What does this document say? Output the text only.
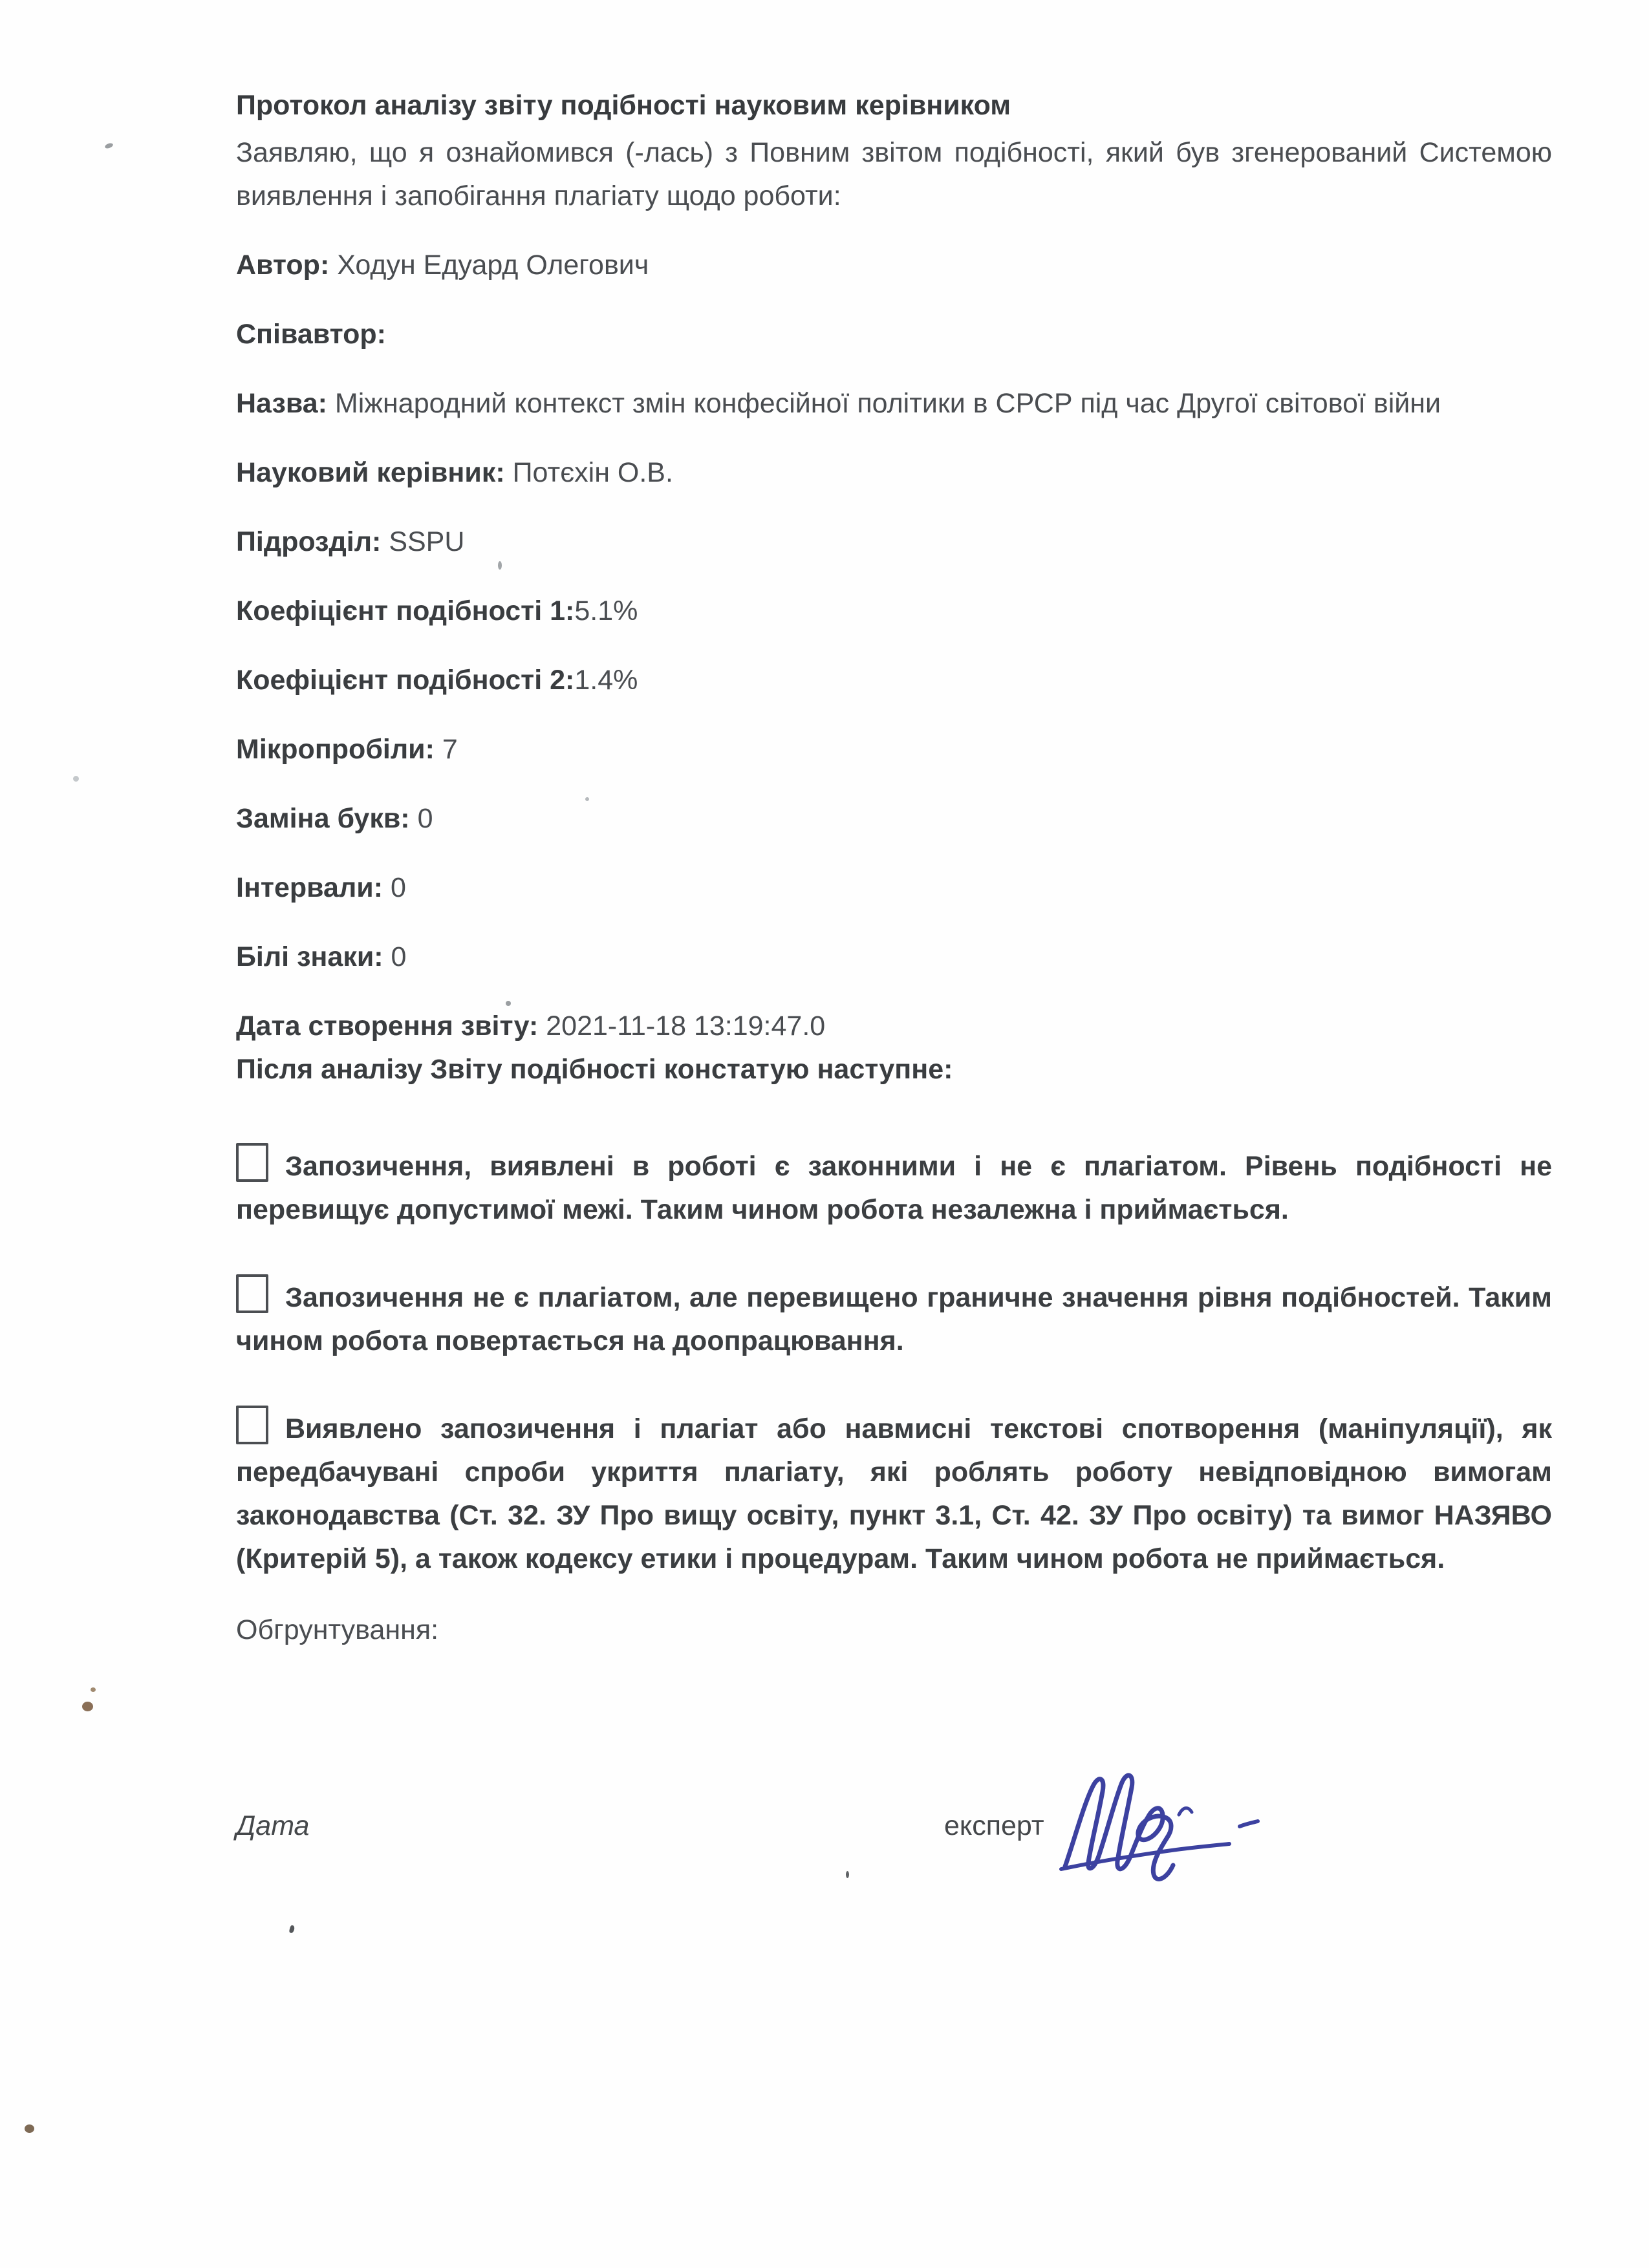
Протокол аналізу звіту подібності науковим керівником

Заявляю, що я ознайомився (-лась) з Повним звітом подібності, який був згенерований Системою виявлення і запобігання плагіату щодо роботи:

Автор: Ходун Едуард Олегович
Співавтор:
Назва: Міжнародний контекст змін конфесійної політики в СРСР під час Другої світової війни
Науковий керівник: Потєхін О.В.
Підрозділ: SSPU
Коефіцієнт подібності 1:5.1%
Коефіцієнт подібності 2:1.4%
Мікропробіли: 7
Заміна букв: 0
Інтервали: 0
Білі знаки: 0
Дата створення звіту: 2021-11-18 13:19:47.0
Після аналізу Звіту подібності констатую наступне:

Запозичення, виявлені в роботі є законними і не є плагіатом. Рівень подібності не перевищує допустимої межі. Таким чином робота незалежна і приймається.

Запозичення не є плагіатом, але перевищено граничне значення рівня подібностей. Таким чином робота повертається на доопрацювання.

Виявлено запозичення і плагіат або навмисні текстові спотворення (маніпуляції), як передбачувані спроби укриття плагіату, які роблять роботу невідповідною вимогам законодавства (Ст. 32. ЗУ Про вищу освіту, пункт 3.1, Ст. 42. ЗУ Про освіту) та вимог НАЗЯВО (Критерій 5), а також кодексу етики і процедурам. Таким чином робота не приймається.

Обгрунтування:
Дата	експерт
